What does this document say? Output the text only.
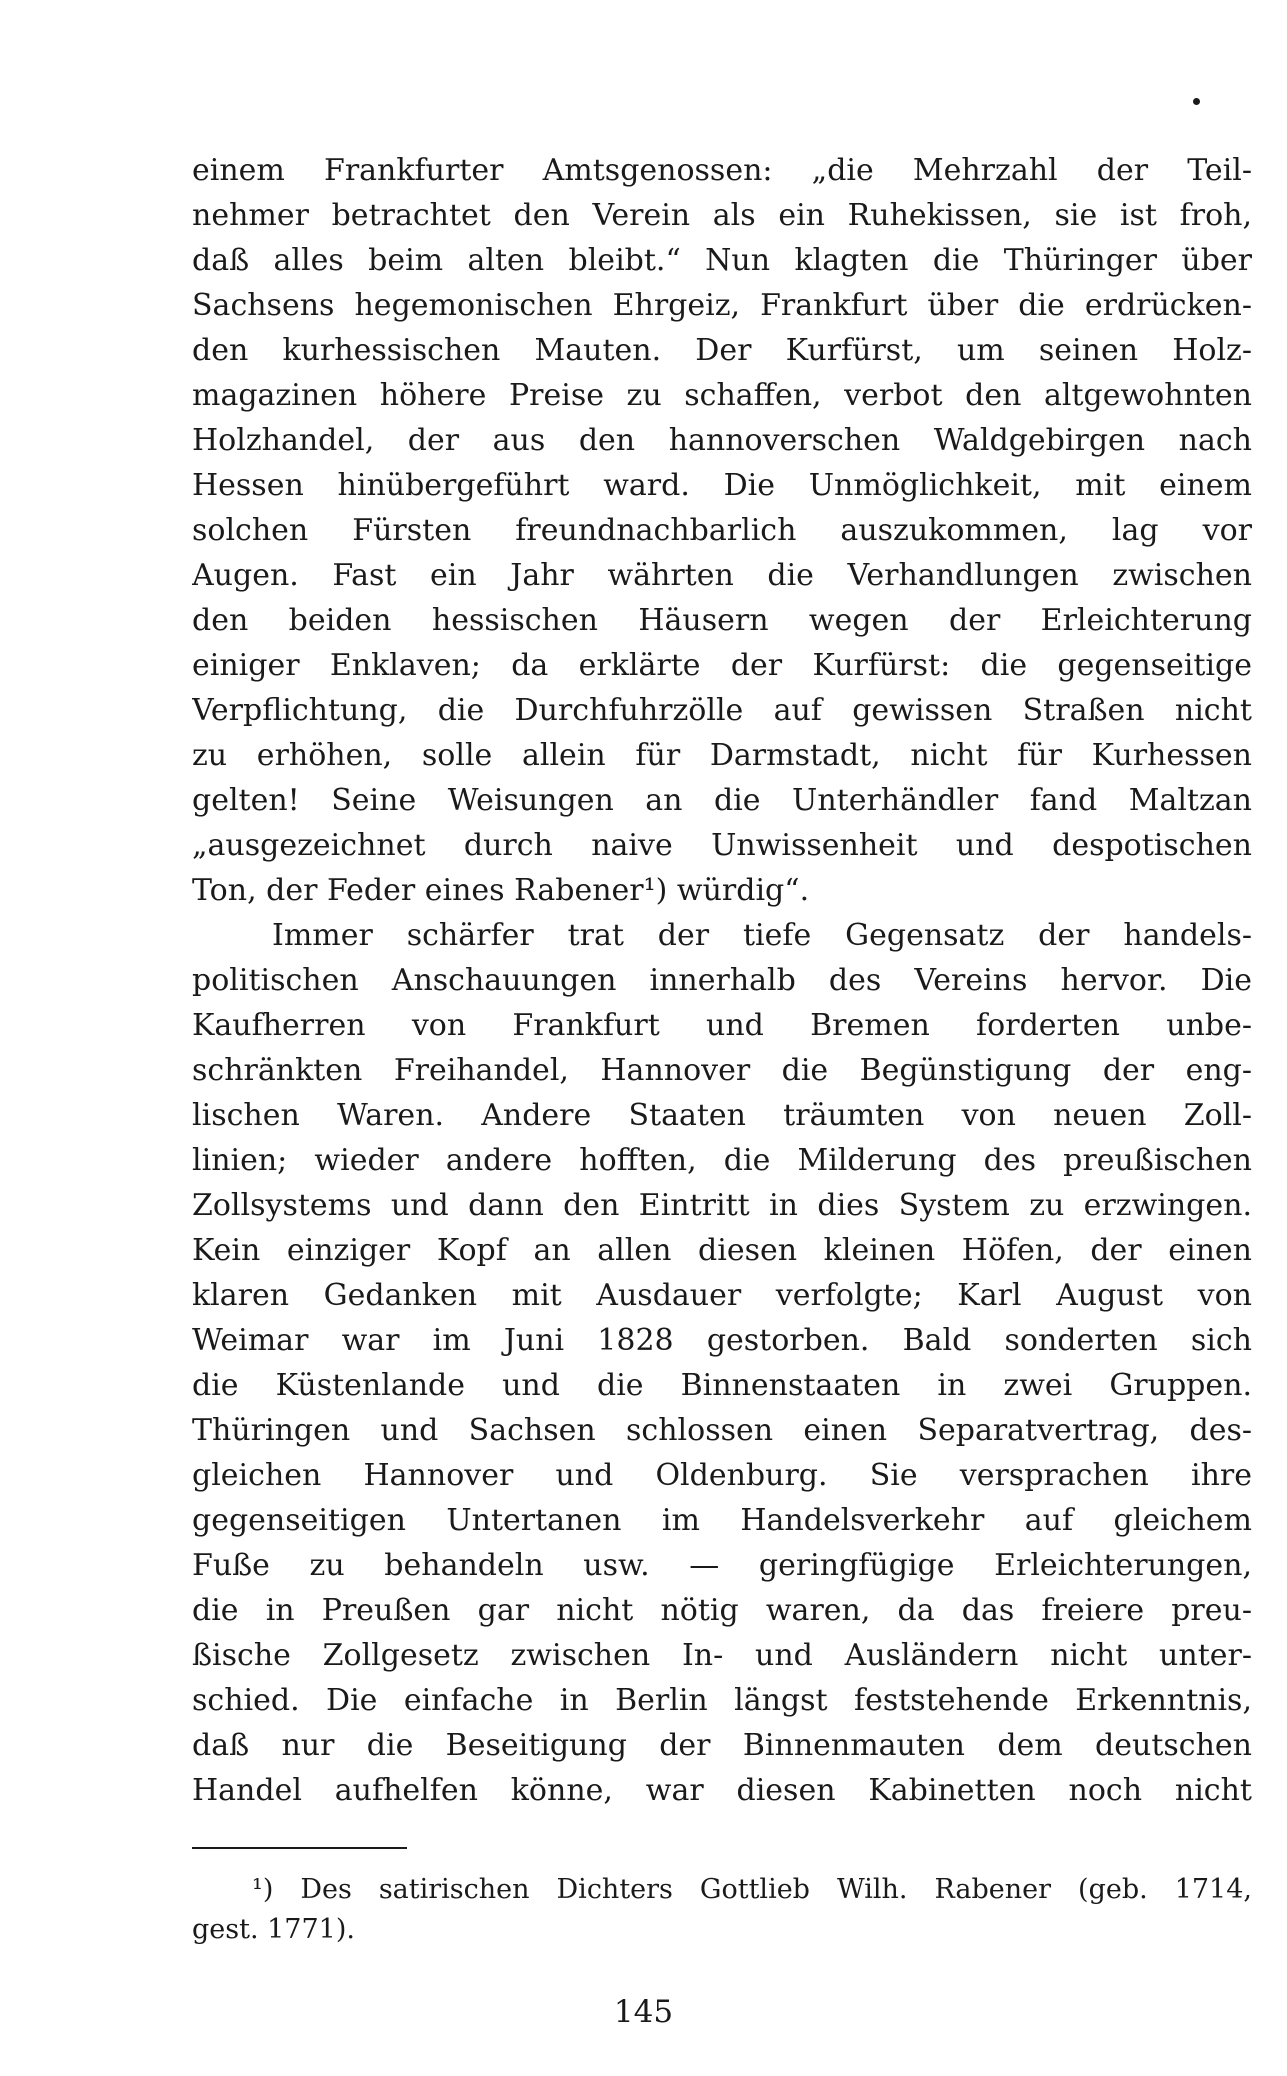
einem Frankfurter Amtsgenossen: „die Mehrzahl der Teil-
nehmer betrachtet den Verein als ein Ruhekissen, sie ist froh,
daß alles beim alten bleibt.“ Nun klagten die Thüringer über
Sachsens hegemonischen Ehrgeiz, Frankfurt über die erdrücken-
den kurhessischen Mauten. Der Kurfürst, um seinen Holz-
magazinen höhere Preise zu schaffen, verbot den altgewohnten
Holzhandel, der aus den hannoverschen Waldgebirgen nach
Hessen hinübergeführt ward. Die Unmöglichkeit, mit einem
solchen Fürsten freundnachbarlich auszukommen, lag vor
Augen. Fast ein Jahr währten die Verhandlungen zwischen
den beiden hessischen Häusern wegen der Erleichterung
einiger Enklaven; da erklärte der Kurfürst: die gegenseitige
Verpflichtung, die Durchfuhrzölle auf gewissen Straßen nicht
zu erhöhen, solle allein für Darmstadt, nicht für Kurhessen
gelten! Seine Weisungen an die Unterhändler fand Maltzan
„ausgezeichnet durch naive Unwissenheit und despotischen
Ton, der Feder eines Rabener¹) würdig“.
Immer schärfer trat der tiefe Gegensatz der handels-
politischen Anschauungen innerhalb des Vereins hervor. Die
Kaufherren von Frankfurt und Bremen forderten unbe-
schränkten Freihandel, Hannover die Begünstigung der eng-
lischen Waren. Andere Staaten träumten von neuen Zoll-
linien; wieder andere hofften, die Milderung des preußischen
Zollsystems und dann den Eintritt in dies System zu erzwingen.
Kein einziger Kopf an allen diesen kleinen Höfen, der einen
klaren Gedanken mit Ausdauer verfolgte; Karl August von
Weimar war im Juni 1828 gestorben. Bald sonderten sich
die Küstenlande und die Binnenstaaten in zwei Gruppen.
Thüringen und Sachsen schlossen einen Separatvertrag, des-
gleichen Hannover und Oldenburg. Sie versprachen ihre
gegenseitigen Untertanen im Handelsverkehr auf gleichem
Fuße zu behandeln usw. — geringfügige Erleichterungen,
die in Preußen gar nicht nötig waren, da das freiere preu-
ßische Zollgesetz zwischen In- und Ausländern nicht unter-
schied. Die einfache in Berlin längst feststehende Erkenntnis,
daß nur die Beseitigung der Binnenmauten dem deutschen
Handel aufhelfen könne, war diesen Kabinetten noch nicht
¹) Des satirischen Dichters Gottlieb Wilh. Rabener (geb. 1714,
gest. 1771).
145
